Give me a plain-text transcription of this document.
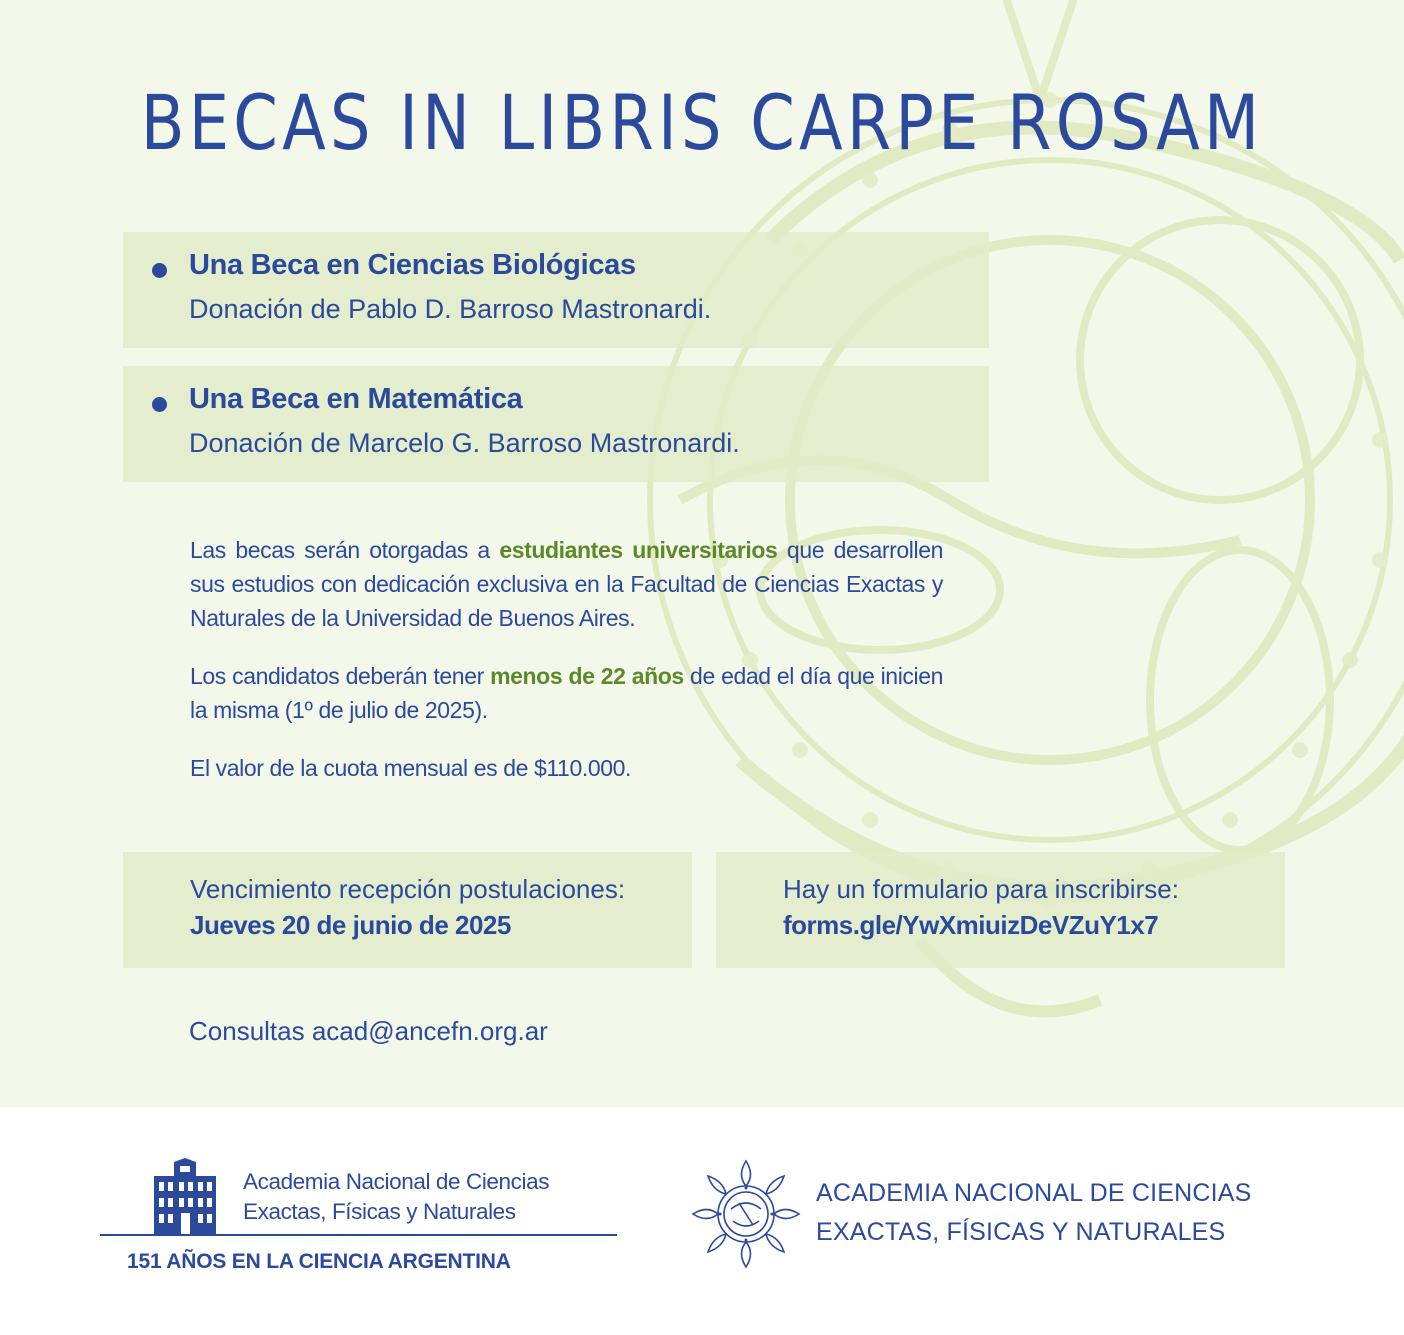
BECAS IN LIBRIS CARPE ROSAM
Una Beca en Ciencias Biológicas
Donación de Pablo D. Barroso Mastronardi.
Una Beca en Matemática
Donación de Marcelo G. Barroso Mastronardi.

Las becas serán otorgadas a estudiantes universitarios que desarrollen sus estudios con dedicación exclusiva en la Facultad de Ciencias Exactas y Naturales de la Universidad de Buenos Aires.

Los candidatos deberán tener menos de 22 años de edad el día que inicien la misma (1º de julio de 2025).

El valor de la cuota mensual es de $110.000.

Vencimiento recepción postulaciones:
Jueves 20 de junio de 2025
Hay un formulario para inscribirse:
forms.gle/YwXmiuizDeVZuY1x7
Consultas acad@ancefn.org.ar
Academia Nacional de Ciencias
Exactas, Físicas y Naturales
151 AÑOS EN LA CIENCIA ARGENTINA
ACADEMIA NACIONAL DE CIENCIAS
EXACTAS, FÍSICAS Y NATURALES
